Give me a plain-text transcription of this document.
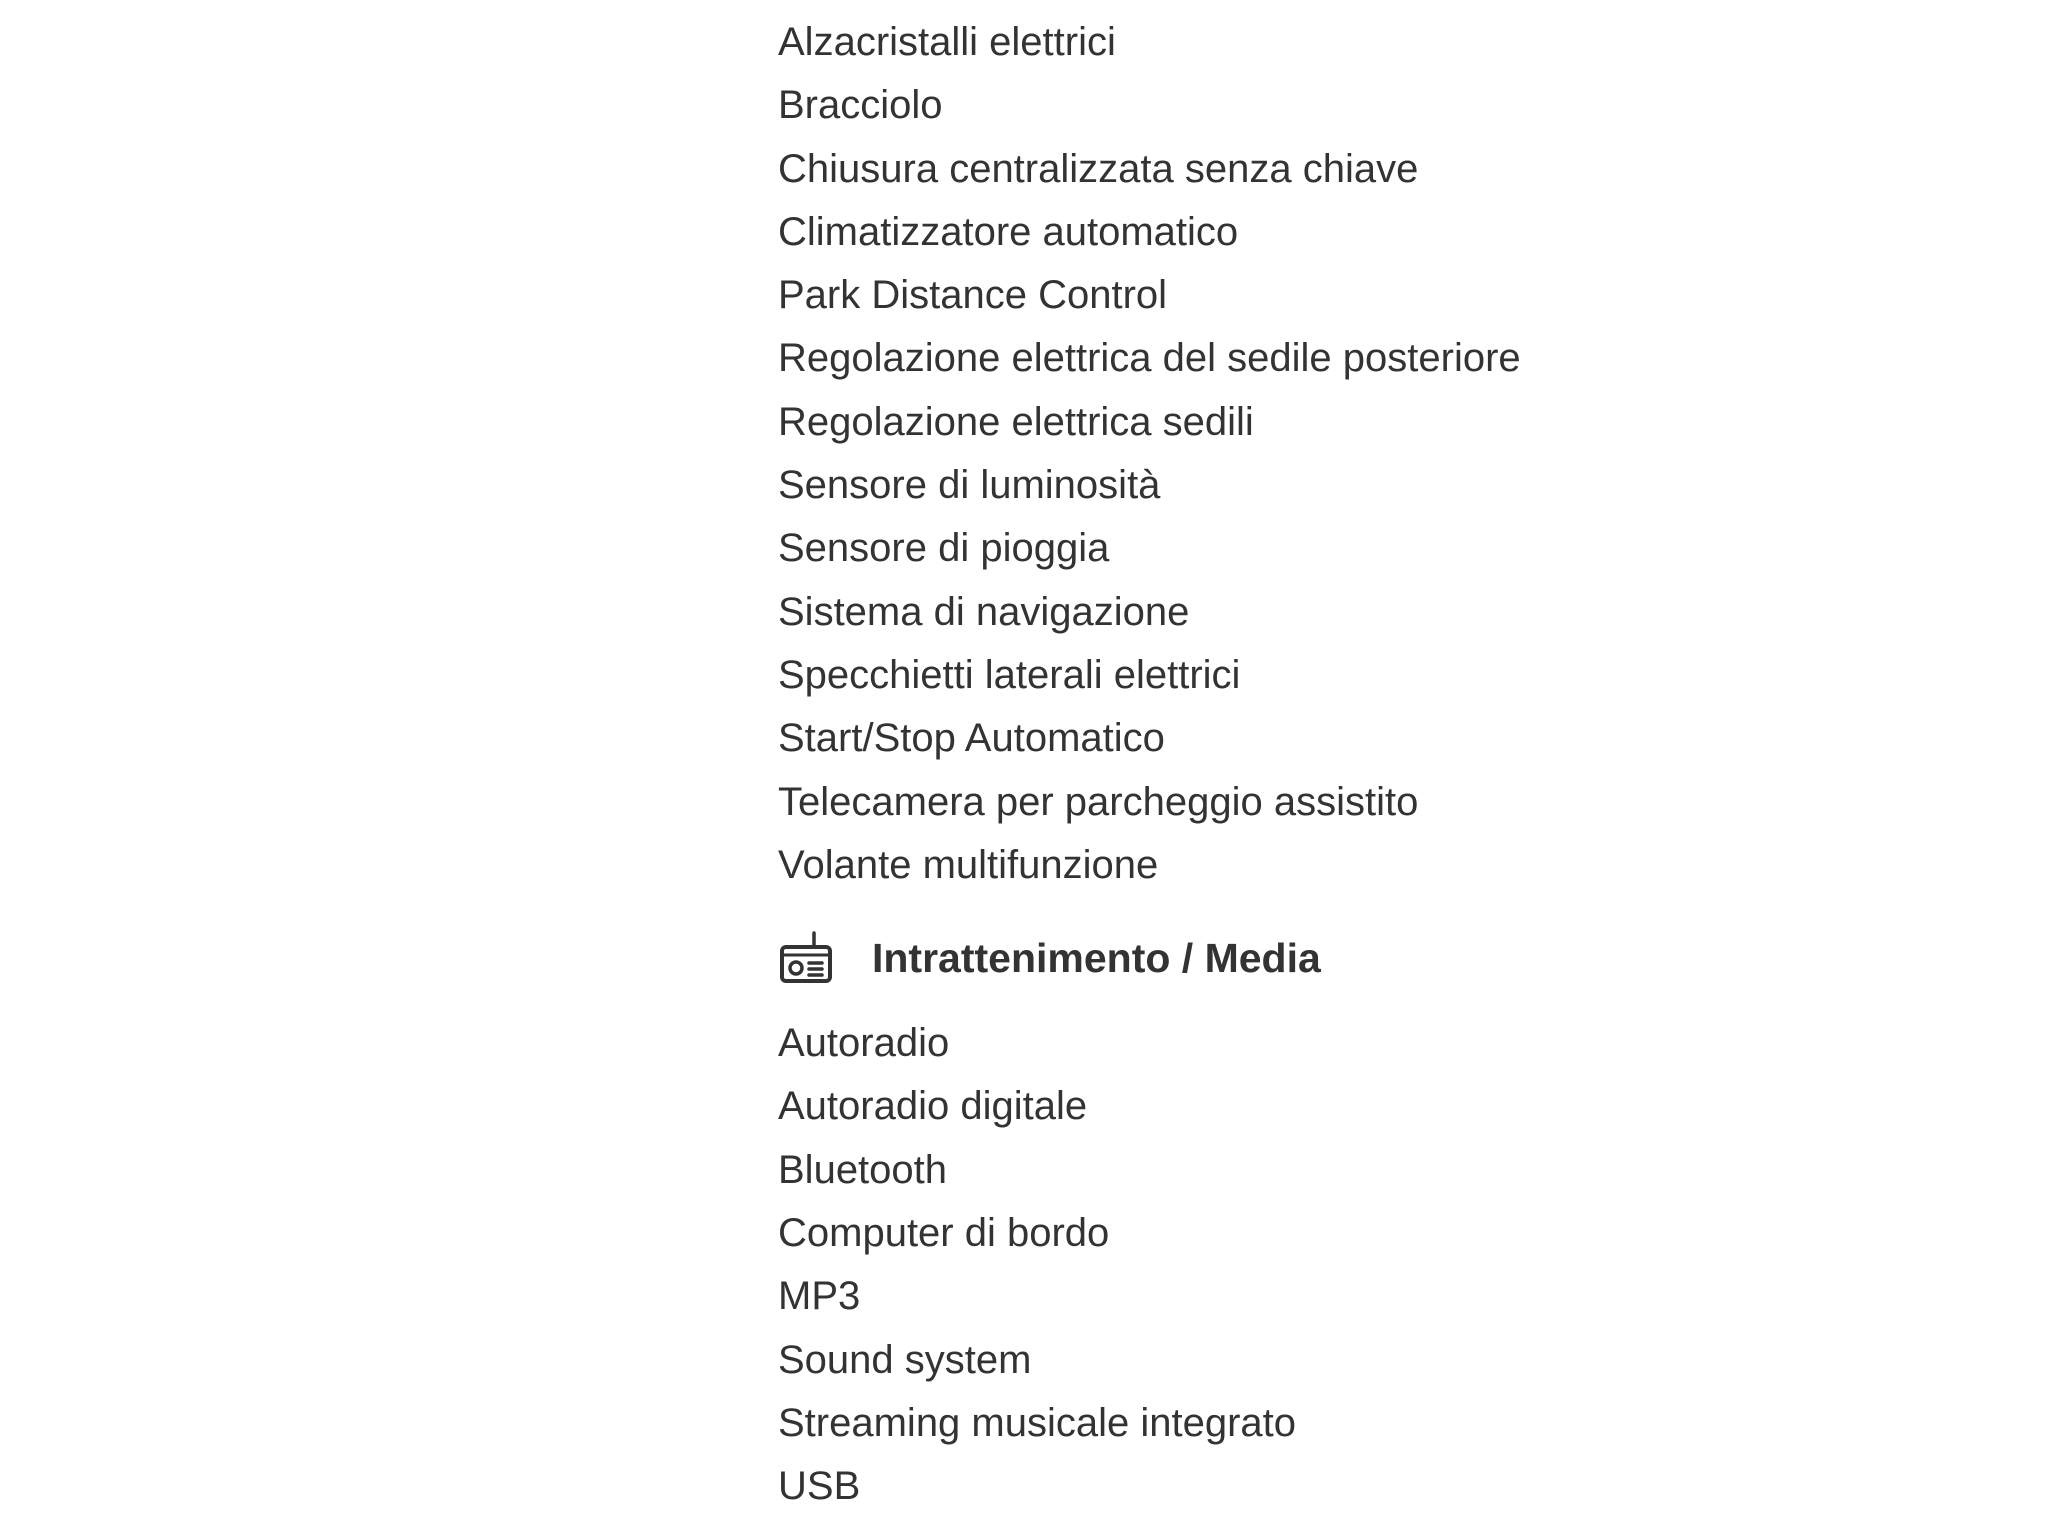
Alzacristalli elettrici
Bracciolo
Chiusura centralizzata senza chiave
Climatizzatore automatico
Park Distance Control
Regolazione elettrica del sedile posteriore
Regolazione elettrica sedili
Sensore di luminosità
Sensore di pioggia
Sistema di navigazione
Specchietti laterali elettrici
Start/Stop Automatico
Telecamera per parcheggio assistito
Volante multifunzione
Intrattenimento / Media
Autoradio
Autoradio digitale
Bluetooth
Computer di bordo
MP3
Sound system
Streaming musicale integrato
USB
